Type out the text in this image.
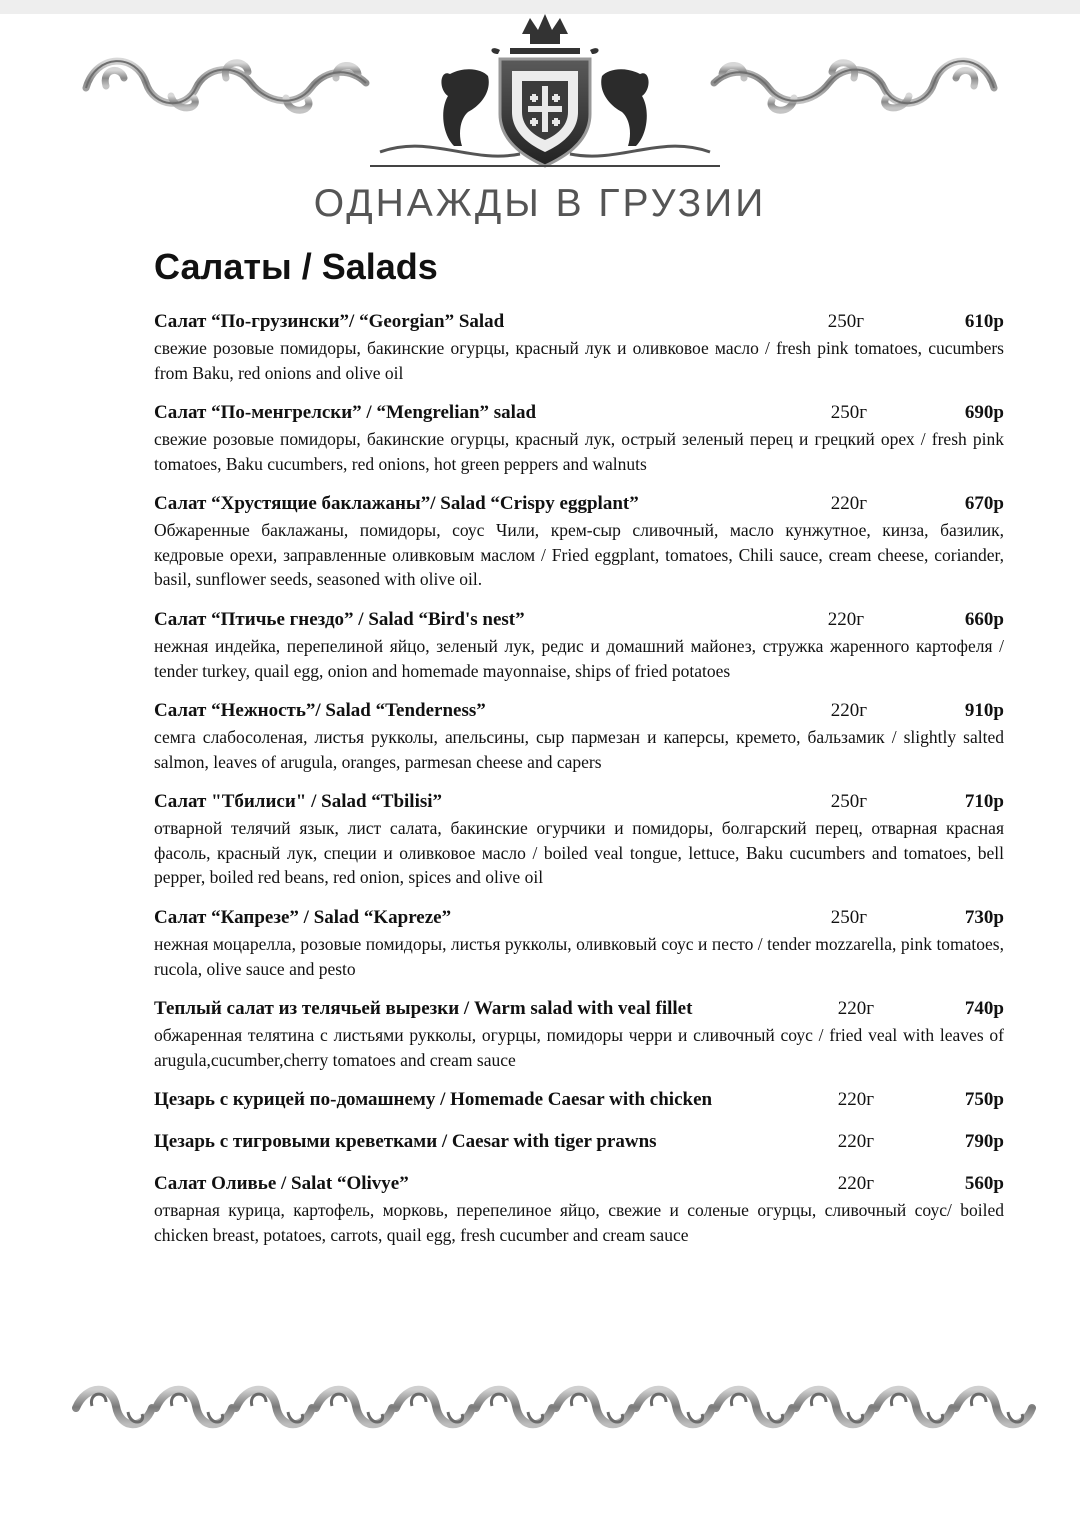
ОДНАЖДЫ В ГРУЗИИ
Салаты / Salads
Салат “По-грузински”/ “Georgian” Salad	250г	610р
свежие розовые помидоры, бакинские огурцы, красный лук и оливковое масло / fresh pink tomatoes, cucumbers from Baku, red onions and olive oil
Салат “По-менгрелски” / “Mengrelian” salad	250г	690р
свежие розовые помидоры, бакинские огурцы, красный лук, острый зеленый перец и грецкий орех / fresh pink tomatoes, Baku cucumbers, red onions, hot green peppers and walnuts
Салат “Хрустящие баклажаны”/ Salad “Crispy eggplant”	220г	670р
Обжаренные баклажаны, помидоры, соус Чили, крем-сыр сливочный, масло кунжутное, кинза, базилик, кедровые орехи, заправленные оливковым маслом / Fried eggplant, tomatoes, Chili sauce, cream cheese, coriander, basil, sunflower seeds, seasoned with olive oil.
Салат “Птичье гнездо” / Salad “Bird's nest”	220г	660р
нежная индейка, перепелиной яйцо, зеленый лук, редис и домашний майонез, стружка жаренного картофеля / tender turkey, quail egg, onion and homemade mayonnaise, ships of fried potatoes
Салат “Нежность”/ Salad “Tenderness”	220г	910р
семга слабосоленая, листья рукколы, апельсины, сыр пармезан и каперсы, кремето, бальзамик / slightly salted salmon, leaves of arugula, oranges, parmesan cheese and capers
Салат "Тбилиси" / Salad “Tbilisi”	250г	710р
отварной телячий язык, лист салата, бакинские огурчики и помидоры, болгарский перец, отварная красная фасоль, красный лук, специи и оливковое масло / boiled veal tongue, lettuce, Baku cucumbers and tomatoes, bell pepper, boiled red beans, red onion, spices and olive oil
Салат “Капрезе” / Salad “Kapreze”	250г	730р
нежная моцарелла, розовые помидоры, листья рукколы, оливковый соус и песто / tender mozzarella, pink tomatoes, rucola, olive sauce and pesto
Теплый салат из телячьей вырезки / Warm salad with veal fillet	220г	740р
обжаренная телятина с листьями рукколы, огурцы, помидоры черри и сливочный соус / fried veal with leaves of arugula,cucumber,cherry tomatoes and cream sauce
Цезарь с курицей по-домашнему / Homemade Caesar with chicken	220г	750р
Цезарь с тигровыми креветками / Caesar with tiger prawns	220г	790р
Салат Оливье / Salat “Olivye”	220г	560р
отварная курица, картофель, морковь, перепелиное яйцо, свежие и соленые огурцы, сливочный соус/ boiled chicken breast, potatoes, carrots, quail egg, fresh cucumber and cream sauce
